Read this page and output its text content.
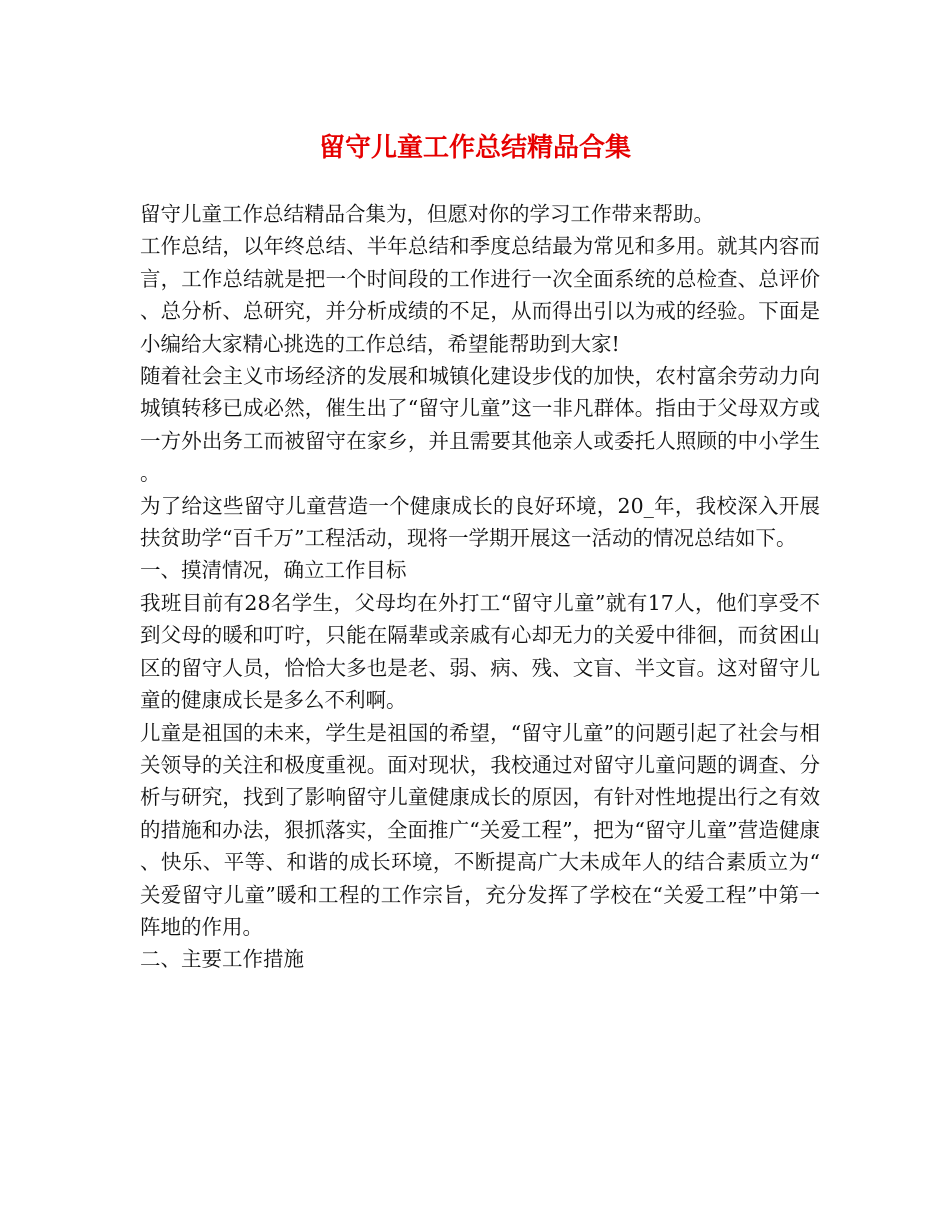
留守儿童工作总结精品合集

留守儿童工作总结精品合集为，但愿对你的学习工作带来帮助。

工作总结，以年终总结、半年总结和季度总结最为常见和多用。就其内容而言，工作总结就是把一个时间段的工作进行一次全面系统的总检查、总评价、总分析、总研究，并分析成绩的不足，从而得出引以为戒的经验。下面是小编给大家精心挑选的工作总结，希望能帮助到大家!

随着社会主义市场经济的发展和城镇化建设步伐的加快，农村富余劳动力向城镇转移已成必然，催生出了“留守儿童”这一非凡群体。指由于父母双方或一方外出务工而被留守在家乡，并且需要其他亲人或委托人照顾的中小学生。

为了给这些留守儿童营造一个健康成长的良好环境，20_年，我校深入开展扶贫助学“百千万”工程活动，现将一学期开展这一活动的情况总结如下。

一、摸清情况，确立工作目标

我班目前有28名学生，父母均在外打工“留守儿童”就有17人，他们享受不到父母的暖和叮咛，只能在隔辈或亲戚有心却无力的关爱中徘徊，而贫困山区的留守人员，恰恰大多也是老、弱、病、残、文盲、半文盲。这对留守儿童的健康成长是多么不利啊。

儿童是祖国的未来，学生是祖国的希望，“留守儿童”的问题引起了社会与相关领导的关注和极度重视。面对现状，我校通过对留守儿童问题的调查、分析与研究，找到了影响留守儿童健康成长的原因，有针对性地提出行之有效的措施和办法，狠抓落实，全面推广“关爱工程”，把为“留守儿童”营造健康、快乐、平等、和谐的成长环境，不断提高广大未成年人的结合素质立为“关爱留守儿童”暖和工程的工作宗旨，充分发挥了学校在“关爱工程”中第一阵地的作用。

二、主要工作措施
